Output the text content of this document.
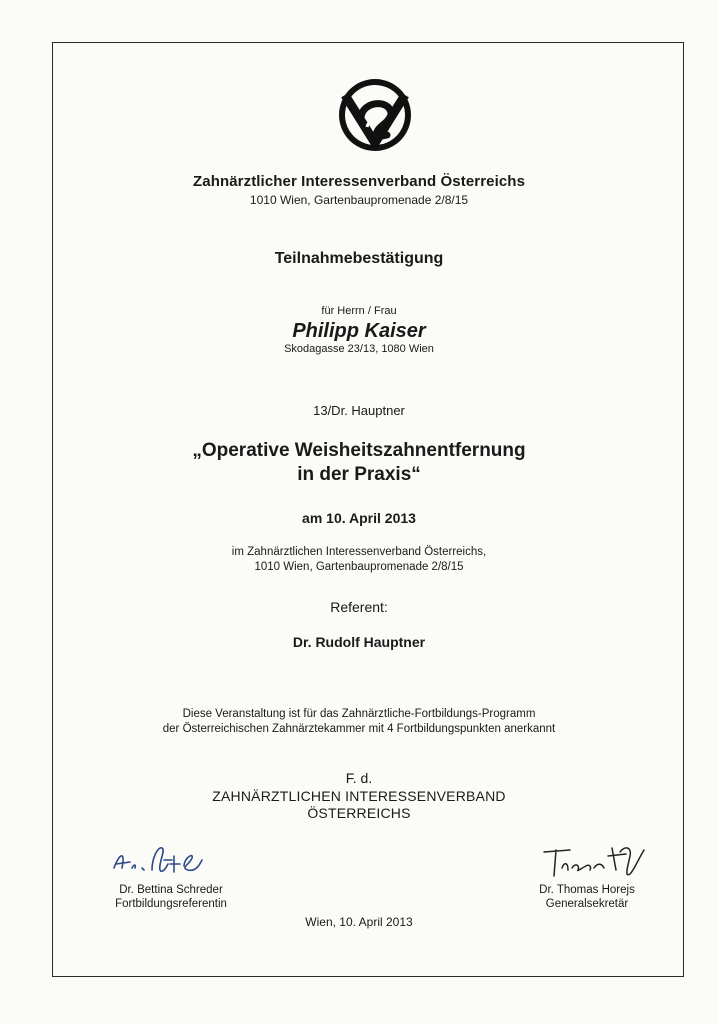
Zahnärztlicher Interessenverband Österreichs
1010 Wien, Gartenbaupromenade 2/8/15
Teilnahmebestätigung
für Herrn / Frau
Philipp Kaiser
Skodagasse 23/13, 1080 Wien
13/Dr. Hauptner
„Operative Weisheitszahnentfernung
in der Praxis“
am 10. April 2013
im Zahnärztlichen Interessenverband Österreichs,
1010 Wien, Gartenbaupromenade 2/8/15
Referent:
Dr. Rudolf Hauptner
Diese Veranstaltung ist für das Zahnärztliche-Fortbildungs-Programm
der Österreichischen Zahnärztekammer mit 4 Fortbildungspunkten anerkannt
F. d.
ZAHNÄRZTLICHEN INTERESSENVERBAND
ÖSTERREICHS
Dr. Bettina Schreder
Fortbildungsreferentin
Dr. Thomas Horejs
Generalsekretär
Wien, 10. April 2013
